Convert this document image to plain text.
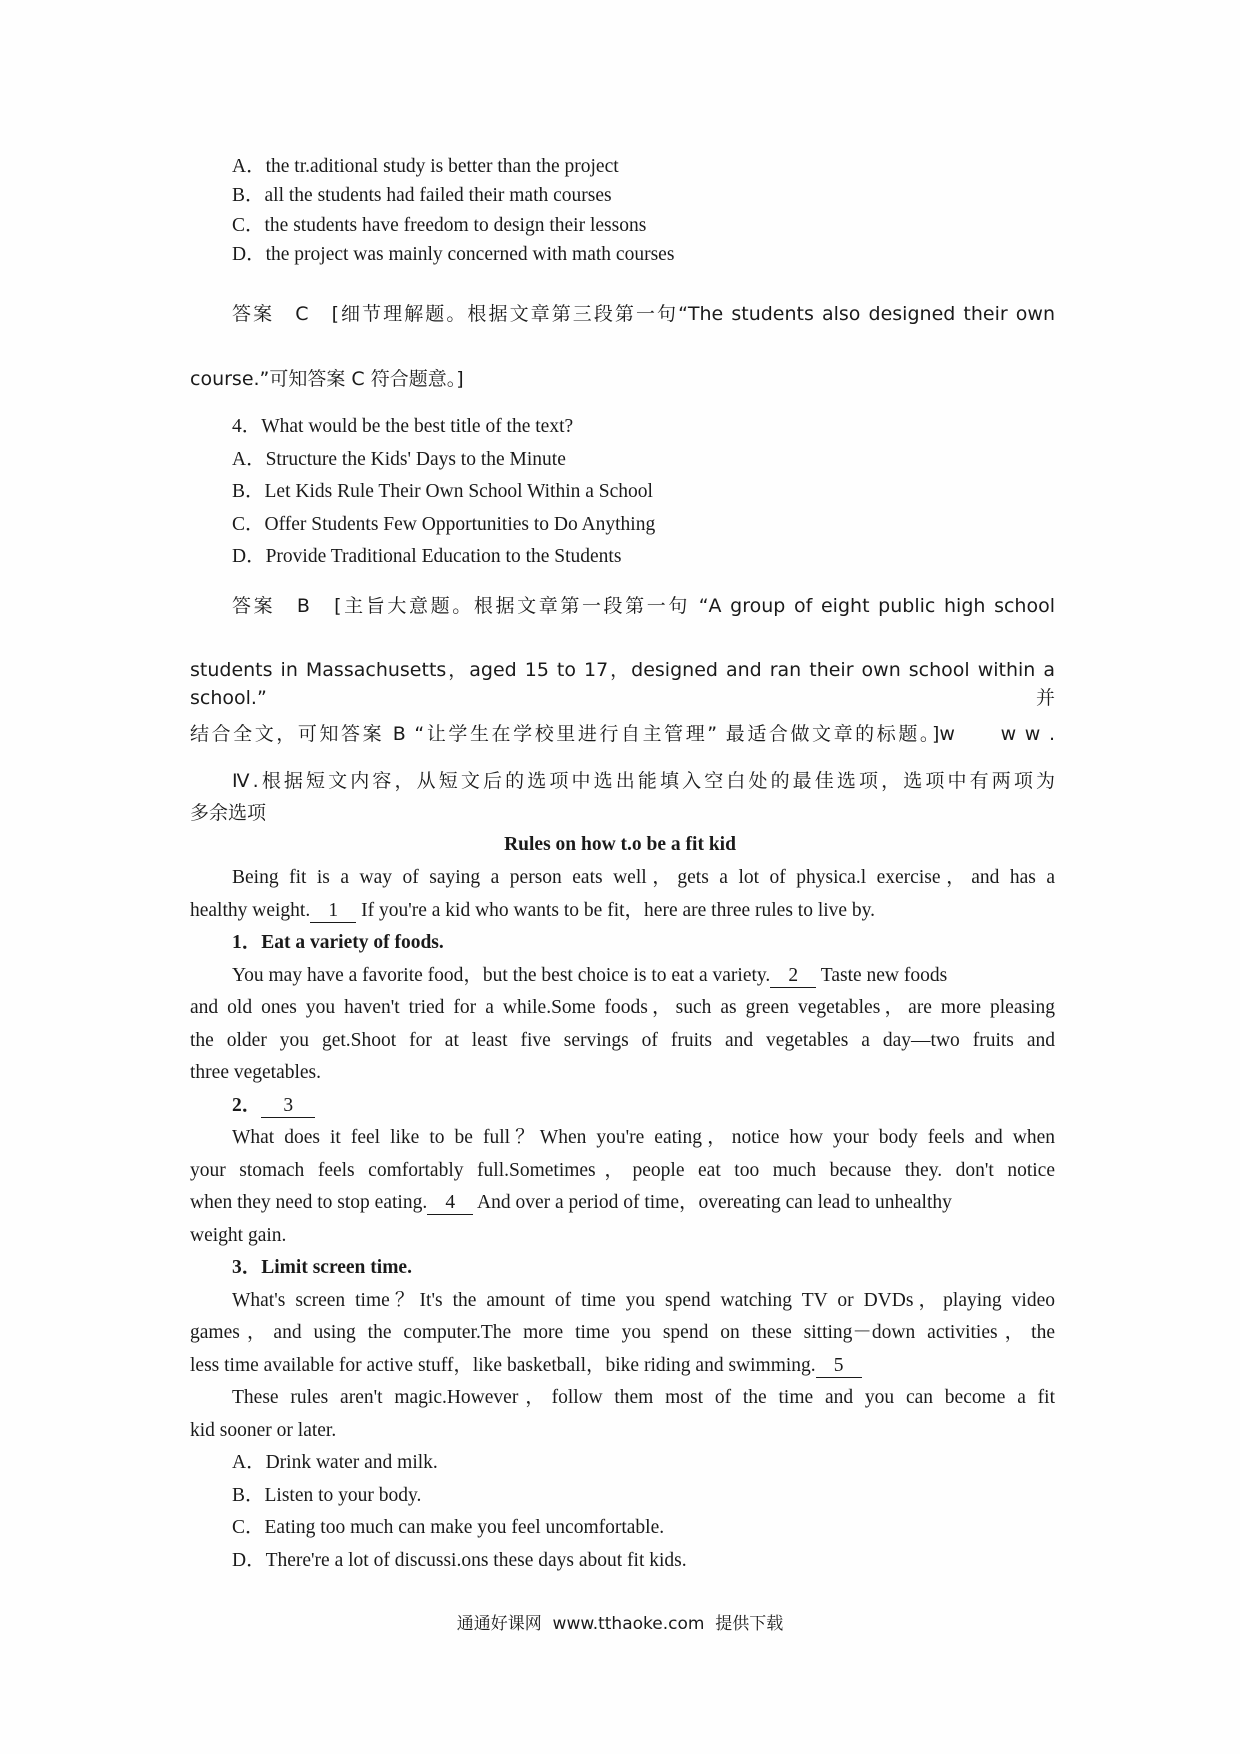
A．the tr.aditional study is better than the project
B．all the students had failed their math courses
C．the students have freedom to design their lessons
D．the project was mainly concerned with math courses
答案　C　[细节理解题。根据文章第三段第一句“The students also designed their own
course.”可知答案 C 符合题意。]
4．What would be the best title of the text?
A．Structure the Kids' Days to the Minute
B．Let Kids Rule Their Own School Within a School
C．Offer Students Few Opportunities to Do Anything
D．Provide Traditional Education to the Students
答案　B　[主旨大意题。根据文章第一段第一句 “A group of eight public high school
students in Massachusetts，aged 15 to 17，designed and ran their own school within a school.” 并
结合全文，可知答案 B “让学生在学校里进行自主管理” 最适合做文章的标题。]w　　w w .
Ⅳ.根据短文内容，从短文后的选项中选出能填入空白处的最佳选项，选项中有两项为
多余选项
Rules on how t.o be a fit kid
Being fit is a way of saying a person eats well，gets a lot of physica.l exercise，and has a
healthy weight. 1 If you're a kid who wants to be fit，here are three rules to live by.
1．Eat a variety of foods.
You may have a favorite food，but the best choice is to eat a variety. 2 Taste new foods
and old ones you haven't tried for a while.Some foods，such as green vegetables，are more pleasing
the older you get.Shoot for at least five servings of fruits and vegetables a day—two fruits and
three vegetables.
2． 3
What does it feel like to be full？When you're eating，notice how your body feels and when
your stomach feels comfortably full.Sometimes，people eat too much because they. don't notice
when they need to stop eating. 4 And over a period of time，overeating can lead to unhealthy
weight gain.
3．Limit screen time.
What's screen time？It's the amount of time you spend watching TV or DVDs，playing video
games，and using the computer.The more time you spend on these sitting－down activities，the
less time available for active stuff，like basketball，bike riding and swimming. 5
These rules aren't magic.However，follow them most of the time and you can become a fit
kid sooner or later.
A．Drink water and milk.
B．Listen to your body.
C．Eating too much can make you feel uncomfortable.
D．There're a lot of discussi.ons these days about fit kids.
通通好课网  www.tthaoke.com  提供下载
